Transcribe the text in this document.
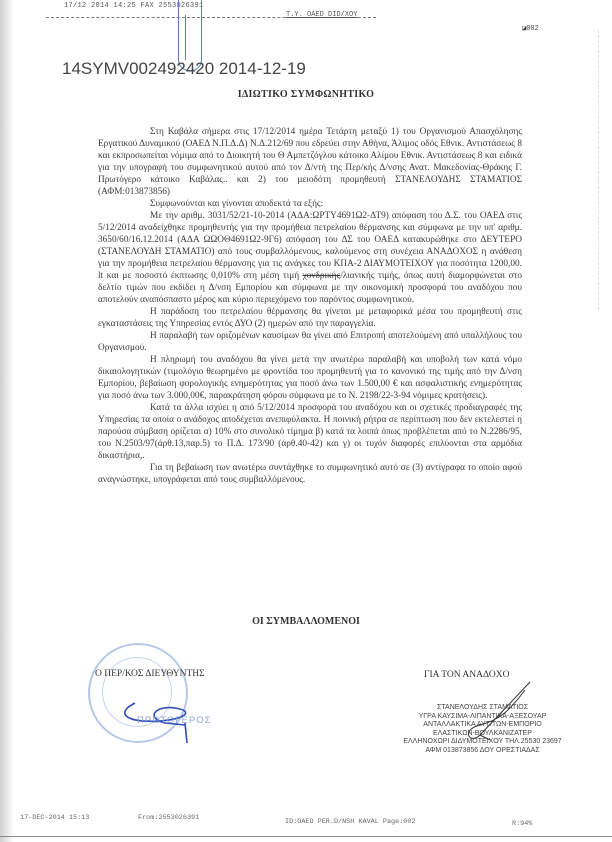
17/12 2014 14:25 FAX 2553026391
T.Y. OAED DID/XOY
◪002
14SYMV002492420 2014-12-19
ΙΔΙΩΤΙΚΟ ΣΥΜΦΩΝΗΤΙΚΟ

Στη Καβάλα σήμερα στις 17/12/2014 ημέρα Τετάρτη μεταξύ 1) του Οργανισμού Απασχόλησης Εργατικού Δυναμικού (ΟΑΕΔ Ν.Π.Δ.Δ) Ν.Δ.212/69 που εδρεύει στην Αθήνα, Άλιμος οδός Εθνικ. Αντιστάσεως 8 και εκπροσωπείται νόμιμα από το Διοικητή του Θ Αμπετζόγλου κάτοικο Αλίμου Εθνικ. Αντιστάσεως 8 και ειδικά για την υπογραφή του συμφωνητικού αυτού από τον Δ/ντή της Περ/κής Δ/νσης Ανατ. Μακεδονίας-Θράκης Γ. Πρωτόγερο κάτοικο Καβάλας.. και 2) του μειοδότη προμηθευτή ΣΤΑΝΕΛΟΥΔΗΣ ΣΤΑΜΑΤΙΟΣ (ΑΦΜ:013873856)

Συμφωνούνται και γίνονται αποδεκτά τα εξής:

Με την αριθμ. 3031/52/21-10-2014 (ΑΔΑ:ΩΡΤΥ4691Ω2-ΔΤ9) απόφαση του Δ.Σ. του ΟΑΕΔ στις 5/12/2014 αναδείχθηκε προμηθευτής για την προμήθεια πετρελαίου θέρμανσης και σύμφωνα με την υπ' αριθμ. 3650/60/16.12.2014 (ΑΔΑ ΩΩΟΘ4691Ω2-9Γ6) απόφαση του ΔΣ του ΟΑΕΔ κατακυρώθηκε στο ΔΕΥΤΕΡΟ (ΣΤΑΝΕΛΟΥΔΗ ΣΤΑΜΑΤΙΟ) από τους συμβαλλόμενους, καλούμενος στη συνέχεια ΑΝΑΔΟΧΟΣ η ανάθεση για την προμήθεια πετρελαίου θέρμανσης για τις ανάγκες του ΚΠΑ-2 ΔΙΑΥΜΟΤΕΙΧΟΥ για ποσότητα 1200,00. lt και με ποσοστό έκπτωσης 0,010% στη μέση τιμή χονδρικής/λιανικής τιμής, όπως αυτή διαμορφώνεται στο δελτίο τιμών που εκδίδει η Δ/νση Εμπορίου και σύμφωνα με την οικονομική προσφορά του αναδόχου που αποτελούν αναπόσπαστο μέρος και κύριο περιεχόμενο του παρόντος συμφωνητικού.

Η παράδοση του πετρελαίου θέρμανσης θα γίνεται με μεταφορικά μέσα του προμηθευτή στις εγκαταστάσεις της Υπηρεσίας εντός ΔΥΟ (2) ημερών από την παραγγελία.

Η παραλαβή των οριζομένων καυσίμων θα γίνει από Επιτροπή αποτελούμενη από υπαλλήλους του Οργανισμού.

Η πληρωμή του αναδόχου θα γίνει μετά την ανωτέρω παραλαβή και υποβολή των κατά νόμο δικαιολογητικών (τιμολόγιο θεωρημένο με φροντίδα του προμηθευτή για το κανονικό της τιμής από την Δ/νση Εμπορίου, βεβαίωση φορολογικής ενημερότητας για ποσό άνω των 1.500,00 € και ασφαλιστικής ενημερότητας για ποσό άνω των 3.000,00€, παρακράτηση φόρου σύμφωνα με το Ν. 2198/22-3-94 νόμιμες κρατήσεις).

Κατά τα άλλα ισχύει η από 5/12/2014 προσφορά του αναδόχου και οι σχετικές προδιαγραφές της Υπηρεσίας τα οποία ο ανάδοχος αποδέχεται ανεπιφύλακτα. Η ποινική ρήτρα σε περίπτωση που δεν εκτελεστεί η παρούσα σύμβαση ορίζεται α) 10% στο συνολικό τίμημα β) κατά τα λοιπά όπως προβλέπεται από το Ν.2286/95, του Ν.2503/97(άρθ.13,παρ.5) το Π.Δ. 173/90 (άρθ.40-42) και γ) οι τυχόν διαφορές επιλύονται στα αρμόδια δικαστήρια,.

Για τη βεβαίωση των ανωτέρω συντάχθηκε το συμφωνητικό αυτό σε (3) αντίγραφα το οποίο αφού αναγνώστηκε, υπογράφεται από τους συμβαλλόμενους.

ΟΙ ΣΥΜΒΑΛΛΟΜΕΝΟΙ
Ο ΠΕΡ/ΚΟΣ ΔΙΕΥΘΥΝΤΗΣ
ΠΡΩΤΟΓΕΡΟΣ
ΓΙΑ ΤΟΝ ΑΝΑΔΟΧΟ
ΣΤΑΝΕΛΟΥΔΗΣ ΣΤΑΜΑΤΙΟΣ
ΥΓΡΑ ΚΑΥΣΙΜΑ-ΛΙΠΑΝΤΙΚΑ-ΑΞΕΣΟΥΑΡ
ΑΝΤΑΛΛΑΚΤΙΚΑ ΑΥΤ/ΤΩΝ-ΕΜΠΟΡΙΟ
ΕΛΑΣΤΙΚΩΝ-ΒΟΥΛΚΑΝΙΖΑΤΕΡ
ΕΛΛΗΝΟΧΩΡΙ ΔΙΔΥΜΟΤΕΙΧΟΥ ΤΗΛ.25530 23697
ΑΦΜ 013873856 ΔΟΥ ΟΡΕΣΤΙΑΔΑΣ
17-DEC-2014 15:13	From:2553026391	ID:OAED PER.D/NSH KAVAL Page:002	R:94%
